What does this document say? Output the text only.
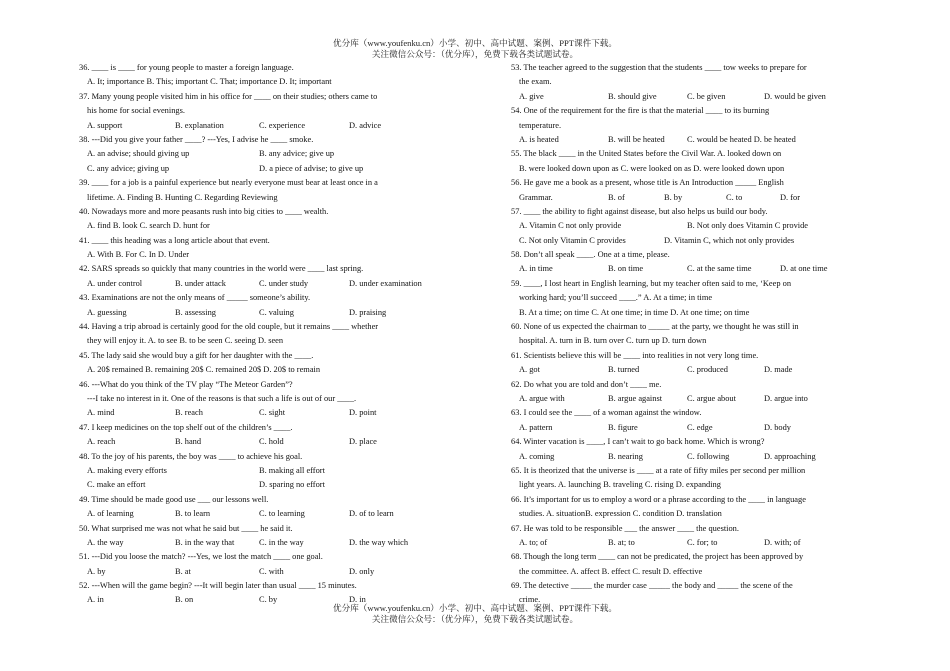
优分库（www.youfenku.cn）小学、初中、高中试题、案例、PPT课件下载。
关注微信公众号：（优分库），免费下载各类试题试卷。
36. ____ is ____ for young people to master a foreign language.
A. It; importance B. This; important C. That; importance D. It; important
37. Many young people visited him in his office for ____ on their studies; others came to
his home for social evenings.
A. support	B. explanation	C. experience	D. advice
38. ---Did you give your father ____? ---Yes, I advise he ____ smoke.
A. an advise; should giving up	B. any advice; give up
C. any advice; giving up	D. a piece of advise; to give up
39. ____ for a job is a painful experience but nearly everyone must bear at least once in a
lifetime. A. Finding B. Hunting C. Regarding Reviewing
40. Nowadays more and more peasants rush into big cities to ____ wealth.
A. find B. look C. search D. hunt for
41. ____ this heading was a long article about that event.
A. With B. For C. In D. Under
42. SARS spreads so quickly that many countries in the world were ____ last spring.
A. under control	B. under attack	C. under study	D. under examination
43. Examinations are not the only means of _____ someone’s ability.
A. guessing	B. assessing	C. valuing	D. praising
44. Having a trip abroad is certainly good for the old couple, but it remains ____ whether
they will enjoy it. A. to see B. to be seen C. seeing D. seen
45. The lady said she would buy a gift for her daughter with the ____.
A. 20$ remained B. remaining 20$ C. remained 20$ D. 20$ to remain
46. ---What do you think of the TV play “The Meteor Garden”?
---I take no interest in it. One of the reasons is that such a life is out of our ____.
A. mind	B. reach	C. sight	D. point
47. I keep medicines on the top shelf out of the children’s ____.
A. reach	B. hand	C. hold	D. place
48. To the joy of his parents, the boy was ____ to achieve his goal.
A. making every efforts	B. making all effort
C. make an effort	D. sparing no effort
49. Time should be made good use ___ our lessons well.
A. of learning	B. to learn	C. to learning	D. of to learn
50. What surprised me was not what he said but ____ he said it.
A. the way	B. in the way that	C. in the way	D. the way which
51. ---Did you loose the match? ---Yes, we lost the match ____ one goal.
A. by	B. at	C. with	D. only
52. ---When will the game begin? ---It will begin later than usual ____ 15 minutes.
A. in	B. on	C. by	D. in
53. The teacher agreed to the suggestion that the students ____ tow weeks to prepare for
the exam.
A. give	B. should give	C. be given	D. would be given
54. One of the requirement for the fire is that the material ____ to its burning
temperature.
A. is heated	B. will be heated	C. would be heated D. be heated
55. The black ____ in the United States before the Civil War. A. looked down on
B. were looked down upon as C. were looked on as D. were looked down upon
56. He gave me a book as a present, whose title is An Introduction _____ English
Grammar.	B. of	B. by	C. to	D. for
57. ____ the ability to fight against disease, but also helps us build our body.
A. Vitamin C not only provide	B. Not only does Vitamin C provide
C. Not only Vitamin C provides	D. Vitamin C, which not only provides
58. Don’t all speak ____. One at a time, please.
A. in time	B. on time	C. at the same time	D. at one time
59. ____, I lost heart in English learning, but my teacher often said to me, ‘Keep on
working hard; you’ll succeed ____.” A. At a time; in time
B. At a time; on time C. At one time; in time D. At one time; on time
60. None of us expected the chairman to _____ at the party, we thought he was still in
hospital. A. turn in B. turn over C. turn up D. turn down
61. Scientists believe this will be ____ into realities in not very long time.
A. got	B. turned	C. produced	D. made
62. Do what you are told and don’t ____ me.
A. argue with	B. argue against	C. argue about	D. argue into
63. I could see the ____ of a woman against the window.
A. pattern	B. figure	C. edge	D. body
64. Winter vacation is ____, I can’t wait to go back home. Which is wrong?
A. coming	B. nearing	C. following	D. approaching
65. It is theorized that the universe is ____ at a rate of fifty miles per second per million
light years. A. launching B. traveling C. rising D. expanding
66. It’s important for us to employ a word or a phrase according to the ____ in language
studies. A. situationB. expression C. condition D. translation
67. He was told to be responsible ___ the answer ____ the question.
A. to; of	B. at; to	C. for; to	D. with; of
68. Though the long term ____ can not be predicated, the project has been approved by
the committee. A. affect B. effect C. result D. effective
69. The detective _____ the murder case _____ the body and _____ the scene of the
crime.
优分库（www.youfenku.cn）小学、初中、高中试题、案例、PPT课件下载。
关注微信公众号：（优分库），免费下载各类试题试卷。
